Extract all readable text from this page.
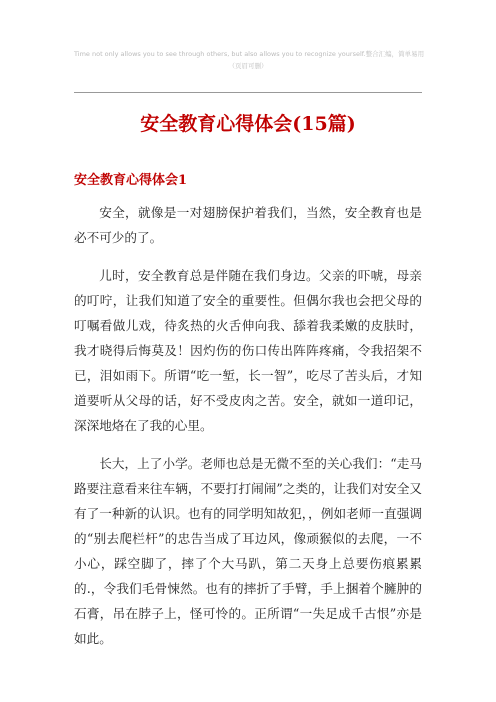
Time not only allows you to see through others, but also allows you to recognize yourself.整合汇编，简单易用
（页眉可删）
安全教育心得体会(15篇)
安全教育心得体会1

安全，就像是一对翅膀保护着我们，当然，安全教育也是必不可少的了。

儿时，安全教育总是伴随在我们身边。父亲的吓唬，母亲的叮咛，让我们知道了安全的重要性。但偶尔我也会把父母的叮嘱看做儿戏，待炙热的火舌伸向我、舔着我柔嫩的皮肤时，我才晓得后悔莫及！因灼伤的伤口传出阵阵疼痛，令我招架不已，泪如雨下。所谓“吃一堑，长一智”，吃尽了苦头后，才知道要听从父母的话，好不受皮肉之苦。安全，就如一道印记，深深地烙在了我的心里。

长大，上了小学。老师也总是无微不至的关心我们：“走马路要注意看来往车辆，不要打打闹闹”之类的，让我们对安全又有了一种新的认识。也有的同学明知故犯，，例如老师一直强调的“别去爬栏杆”的忠告当成了耳边风，像顽猴似的去爬，一不小心，踩空脚了，摔了个大马趴，第二天身上总要伤痕累累的.，令我们毛骨悚然。也有的摔折了手臂，手上捆着个臃肿的石膏，吊在脖子上，怪可怜的。正所谓“一失足成千古恨”亦是如此。
